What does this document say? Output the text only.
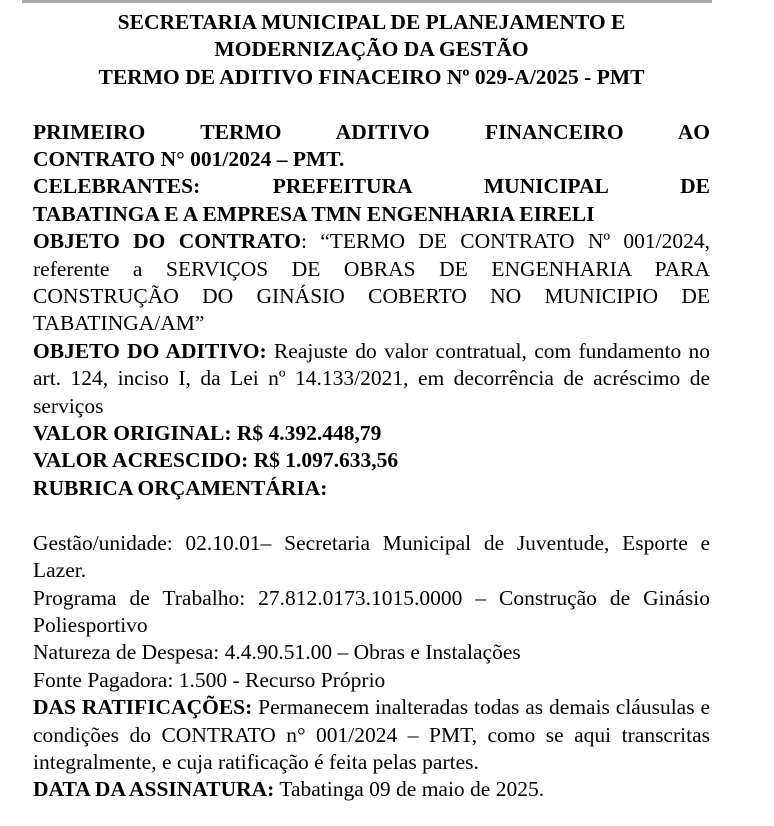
SECRETARIA MUNICIPAL DE PLANEJAMENTO E
MODERNIZAÇÃO DA GESTÃO
TERMO DE ADITIVO FINACEIRO Nº 029-A/2025 - PMT

PRIMEIRO TERMO ADITIVO FINANCEIRO AO

CONTRATO N° 001/2024 – PMT.

CELEBRANTES:	PREFEITURA MUNICIPAL DE

TABATINGA E A EMPRESA TMN ENGENHARIA EIRELI

OBJETO DO CONTRATO: “TERMO DE CONTRATO Nº 001/2024, referente a SERVIÇOS DE OBRAS DE ENGENHARIA PARA CONSTRUÇÃO DO GINÁSIO COBERTO NO MUNICIPIO DE TABATINGA/AM”

OBJETO DO ADITIVO: Reajuste do valor contratual, com fundamento no art. 124, inciso I, da Lei nº 14.133/2021, em decorrência de acréscimo de serviços

VALOR ORIGINAL: R$ 4.392.448,79

VALOR ACRESCIDO: R$ 1.097.633,56

RUBRICA ORÇAMENTÁRIA:

Gestão/unidade: 02.10.01– Secretaria Municipal de Juventude, Esporte e Lazer.

Programa de Trabalho: 27.812.0173.1015.0000 – Construção de Ginásio Poliesportivo

Natureza de Despesa: 4.4.90.51.00 – Obras e Instalações

Fonte Pagadora: 1.500 - Recurso Próprio

DAS RATIFICAÇÕES: Permanecem inalteradas todas as demais cláusulas e condições do CONTRATO n° 001/2024 – PMT, como se aqui transcritas integralmente, e cuja ratificação é feita pelas partes.

DATA DA ASSINATURA: Tabatinga 09 de maio de 2025.
